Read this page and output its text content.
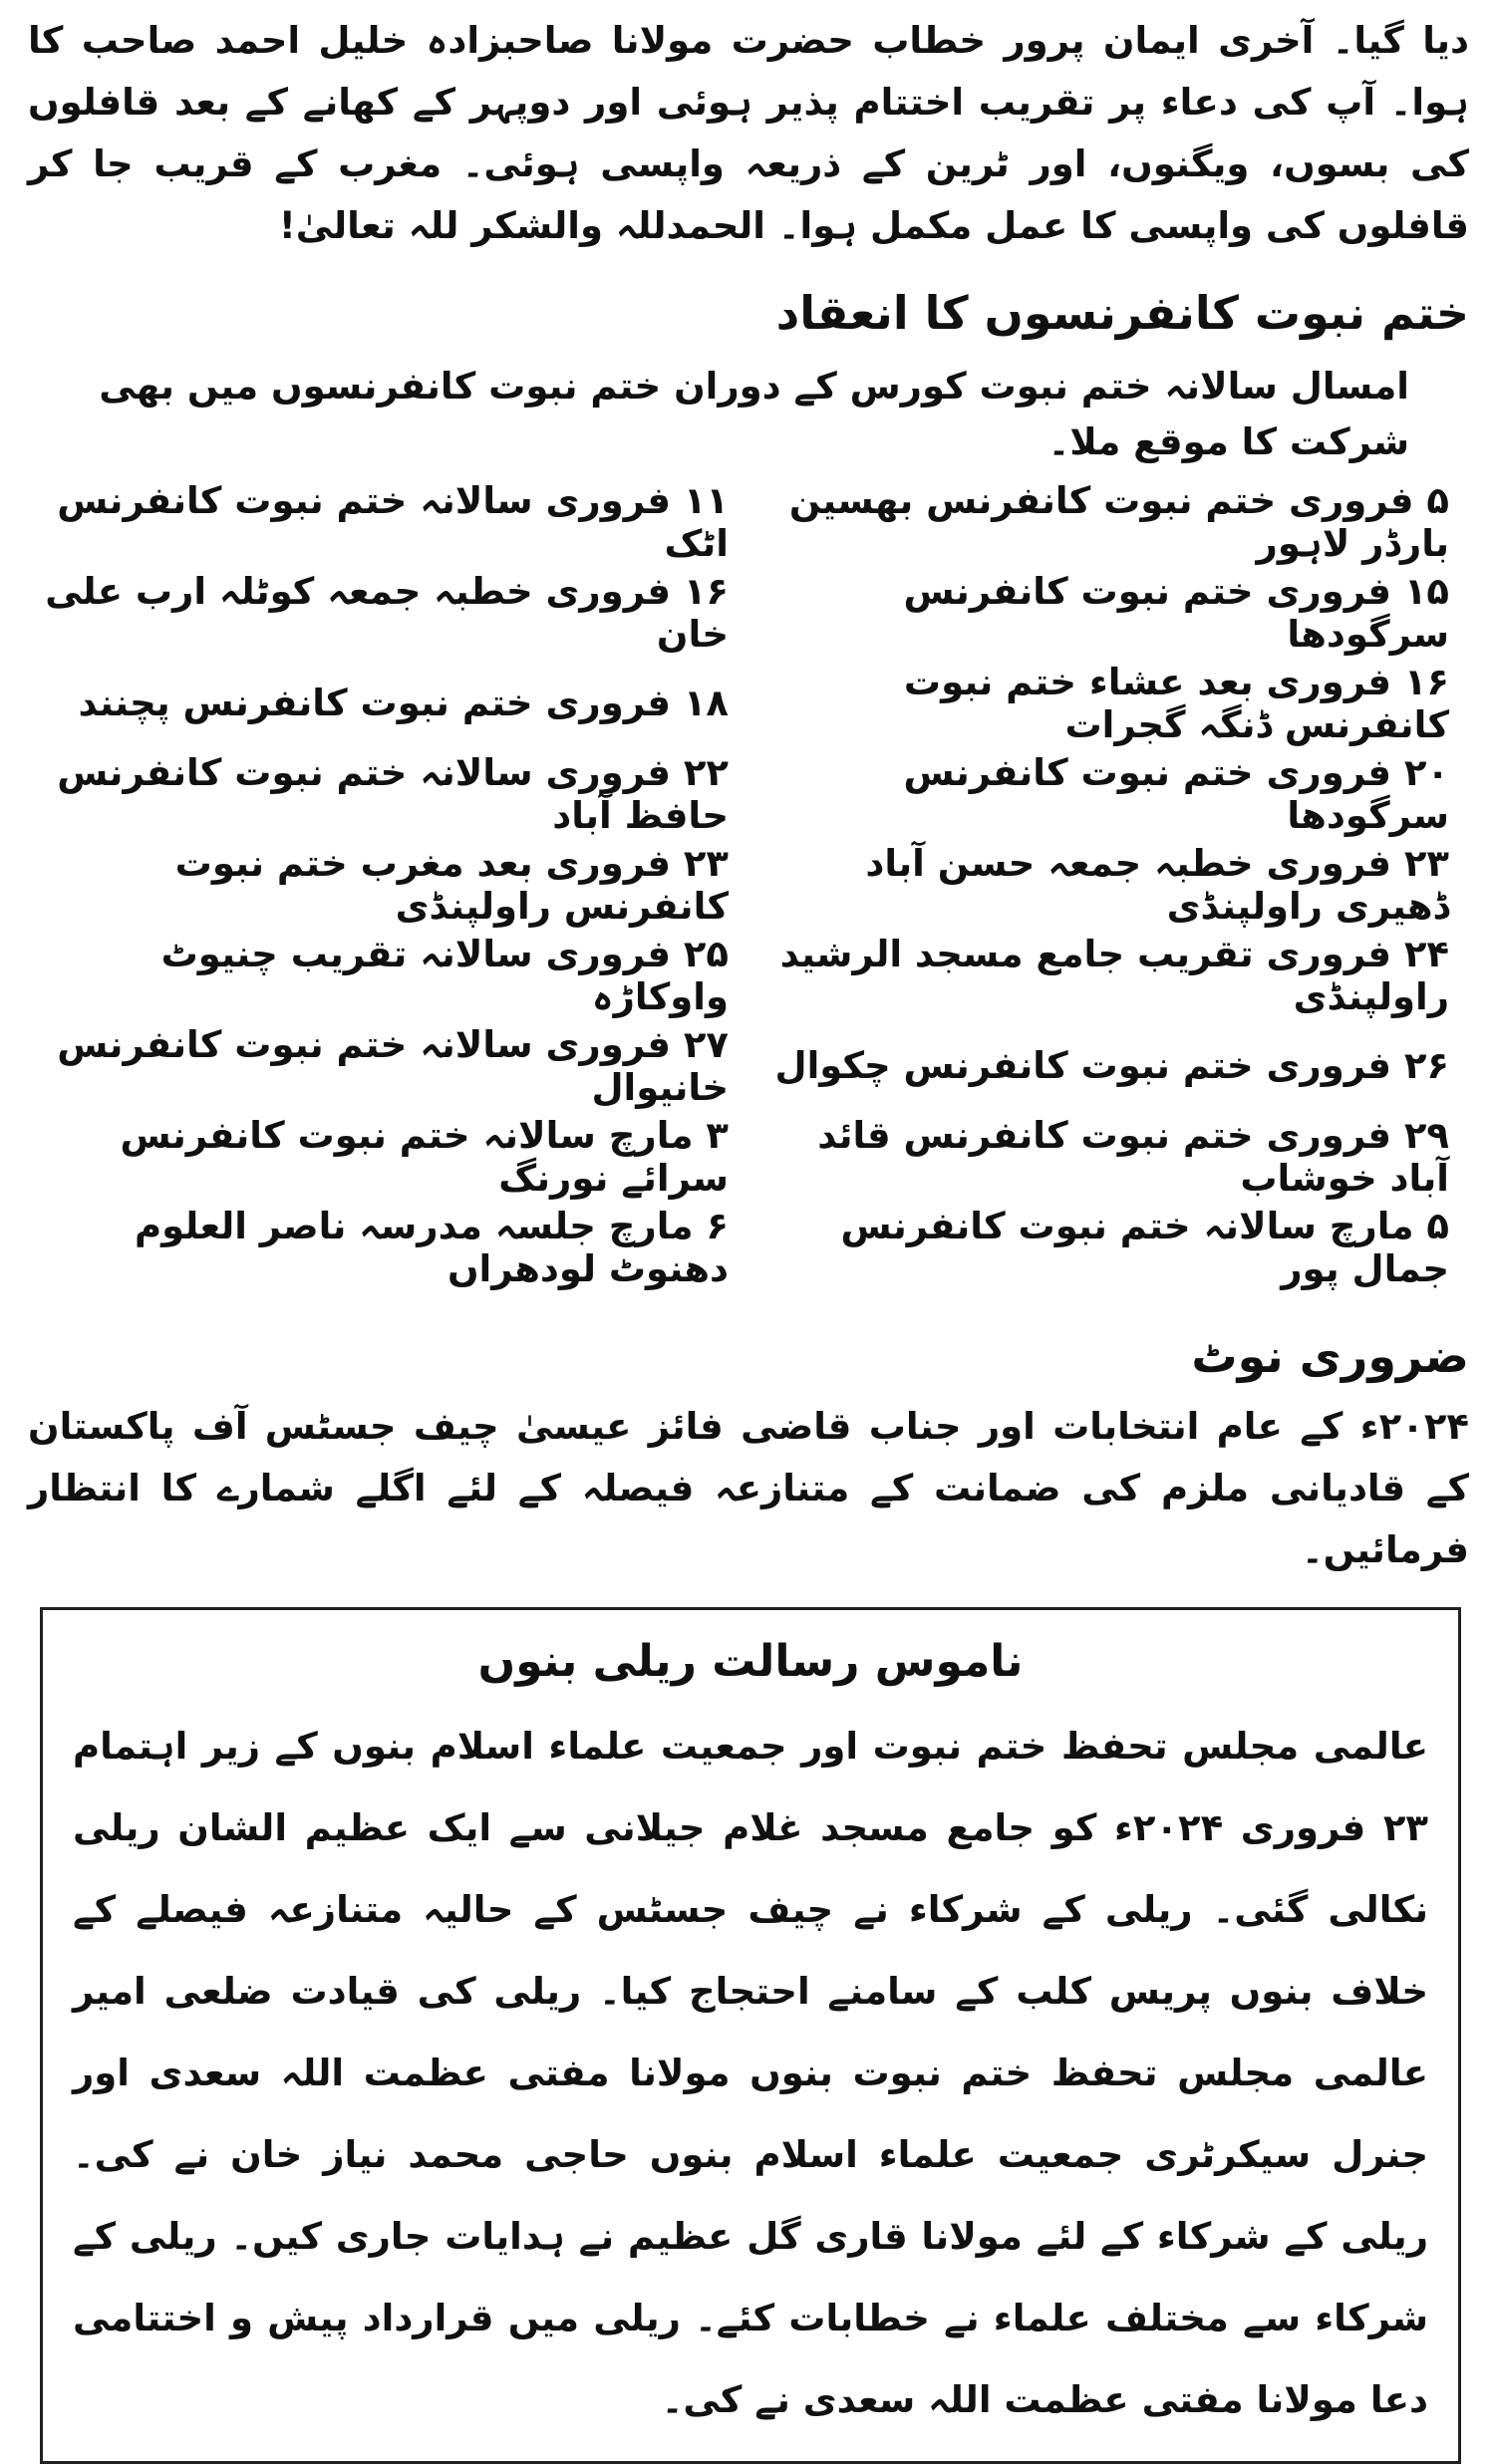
دیا گیا۔ آخری ایمان پرور خطاب حضرت مولانا صاحبزادہ خلیل احمد صاحب کا ہوا۔ آپ کی دعاء پر تقریب اختتام پذیر ہوئی اور دوپہر کے کھانے کے بعد قافلوں کی بسوں، ویگنوں، اور ٹرین کے ذریعہ واپسی ہوئی۔ مغرب کے قریب جا کر قافلوں کی واپسی کا عمل مکمل ہوا۔ الحمدللہ والشکر للہ تعالیٰ!

ختم نبوت کانفرنسوں کا انعقاد
امسال سالانہ ختم نبوت کورس کے دوران ختم نبوت کانفرنسوں میں بھی شرکت کا موقع ملا۔
۵ فروری ختم نبوت کانفرنس بھسین بارڈر لاہور
۱۱ فروری سالانہ ختم نبوت کانفرنس اٹک
۱۵ فروری ختم نبوت کانفرنس سرگودھا
۱۶ فروری خطبہ جمعہ کوٹلہ ارب علی خان
۱۶ فروری بعد عشاء ختم نبوت کانفرنس ڈنگہ گجرات
۱۸ فروری ختم نبوت کانفرنس پچنند
۲۰ فروری ختم نبوت کانفرنس سرگودھا
۲۲ فروری سالانہ ختم نبوت کانفرنس حافظ آباد
۲۳ فروری خطبہ جمعہ حسن آباد ڈھیری راولپنڈی
۲۳ فروری بعد مغرب ختم نبوت کانفرنس راولپنڈی
۲۴ فروری تقریب جامع مسجد الرشید راولپنڈی
۲۵ فروری سالانہ تقریب چنیوٹ واوکاڑہ
۲۶ فروری ختم نبوت کانفرنس چکوال
۲۷ فروری سالانہ ختم نبوت کانفرنس خانیوال
۲۹ فروری ختم نبوت کانفرنس قائد آباد خوشاب
۳ مارچ سالانہ ختم نبوت کانفرنس سرائے نورنگ
۵ مارچ سالانہ ختم نبوت کانفرنس جمال پور
۶ مارچ جلسہ مدرسہ ناصر العلوم دھنوٹ لودھراں
ضروری نوٹ

۲۰۲۴ء کے عام انتخابات اور جناب قاضی فائز عیسیٰ چیف جسٹس آف پاکستان کے قادیانی ملزم کی ضمانت کے متنازعہ فیصلہ کے لئے اگلے شمارے کا انتظار فرمائیں۔

ناموس رسالت ریلی بنوں

عالمی مجلس تحفظ ختم نبوت اور جمعیت علماء اسلام بنوں کے زیر اہتمام ۲۳ فروری ۲۰۲۴ء کو جامع مسجد غلام جیلانی سے ایک عظیم الشان ریلی نکالی گئی۔ ریلی کے شرکاء نے چیف جسٹس کے حالیہ متنازعہ فیصلے کے خلاف بنوں پریس کلب کے سامنے احتجاج کیا۔ ریلی کی قیادت ضلعی امیر عالمی مجلس تحفظ ختم نبوت بنوں مولانا مفتی عظمت اللہ سعدی اور جنرل سیکرٹری جمعیت علماء اسلام بنوں حاجی محمد نیاز خان نے کی۔ ریلی کے شرکاء کے لئے مولانا قاری گل عظیم نے ہدایات جاری کیں۔ ریلی کے شرکاء سے مختلف علماء نے خطابات کئے۔ ریلی میں قرارداد پیش و اختتامی دعا مولانا مفتی عظمت اللہ سعدی نے کی۔
